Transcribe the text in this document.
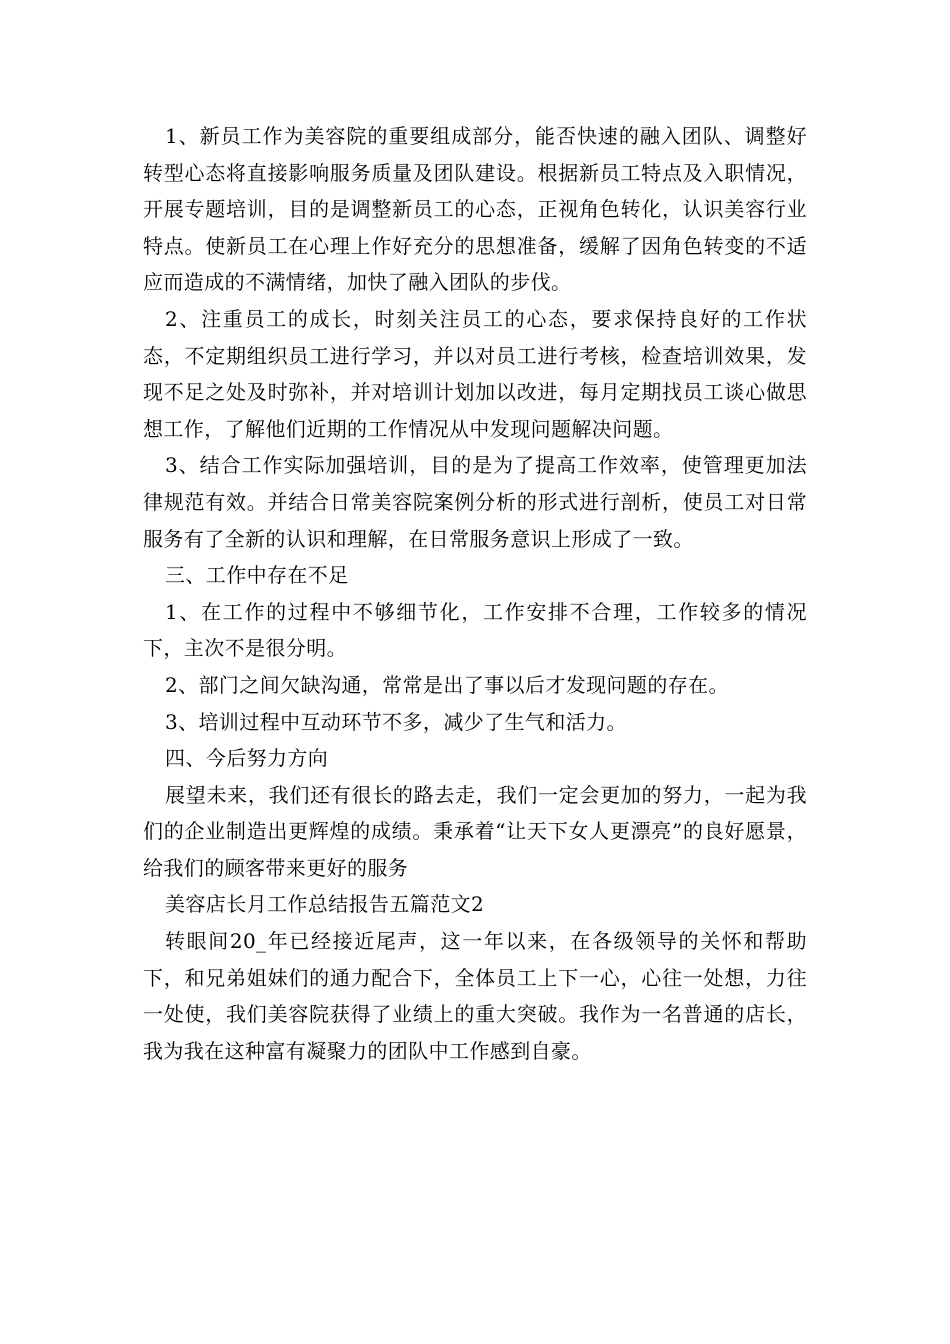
1、新员工作为美容院的重要组成部分，能否快速的融入团队、调整好转型心态将直接影响服务质量及团队建设。根据新员工特点及入职情况，开展专题培训，目的是调整新员工的心态，正视角色转化，认识美容行业特点。使新员工在心理上作好充分的思想准备，缓解了因角色转变的不适应而造成的不满情绪，加快了融入团队的步伐。

2、注重员工的成长，时刻关注员工的心态，要求保持良好的工作状态，不定期组织员工进行学习，并以对员工进行考核，检查培训效果，发现不足之处及时弥补，并对培训计划加以改进，每月定期找员工谈心做思想工作，了解他们近期的工作情况从中发现问题解决问题。

3、结合工作实际加强培训，目的是为了提高工作效率，使管理更加法律规范有效。并结合日常美容院案例分析的形式进行剖析，使员工对日常服务有了全新的认识和理解，在日常服务意识上形成了一致。

三、工作中存在不足

1、在工作的过程中不够细节化，工作安排不合理，工作较多的情况下，主次不是很分明。

2、部门之间欠缺沟通，常常是出了事以后才发现问题的存在。

3、培训过程中互动环节不多，减少了生气和活力。

四、今后努力方向

展望未来，我们还有很长的路去走，我们一定会更加的努力，一起为我们的企业制造出更辉煌的成绩。秉承着“让天下女人更漂亮”的良好愿景，给我们的顾客带来更好的服务

美容店长月工作总结报告五篇范文2

转眼间20_年已经接近尾声，这一年以来，在各级领导的关怀和帮助下，和兄弟姐妹们的通力配合下，全体员工上下一心，心往一处想，力往一处使，我们美容院获得了业绩上的重大突破。我作为一名普通的店长，我为我在这种富有凝聚力的团队中工作感到自豪。
